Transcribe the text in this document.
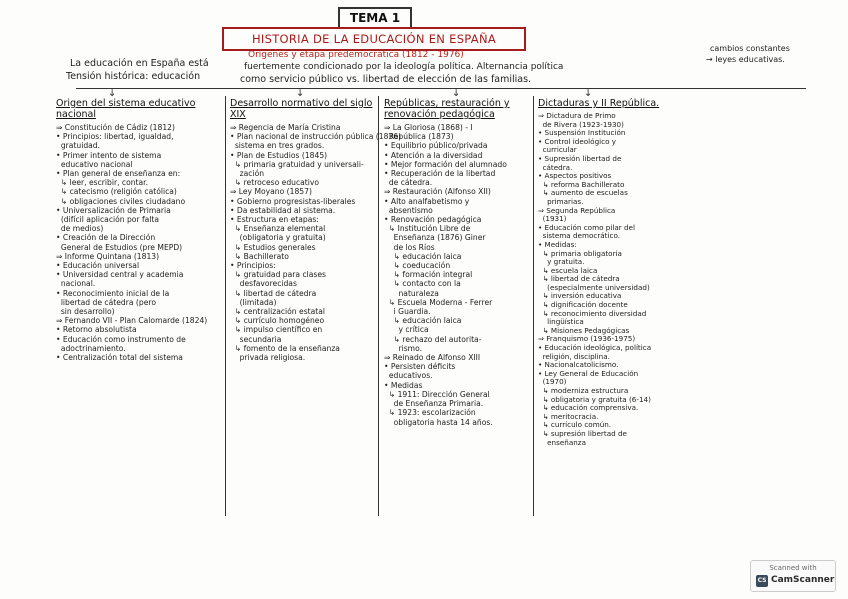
TEMA 1
HISTORIA DE LA EDUCACIÓN EN ESPAÑA
Orígenes y etapa predemocrática (1812 - 1976)
La educación en España está	fuertemente condicionado por la ideología política. Alternancia política
cambios constantes
→ leyes educativas.
Tensión histórica: educación	como servicio público vs. libertad de elección de las familias.
↓	↓	↓	↓
Origen del sistema educativo nacional
⇒ Constitución de Cádiz (1812)
• Principios: libertad, igualdad,
gratuidad.
• Primer intento de sistema
educativo nacional
• Plan general de enseñanza en:
↳ leer, escribir, contar.
↳ catecismo (religión católica)
↳ obligaciones civiles ciudadano
• Universalización de Primaria
(difícil aplicación por falta
de medios)
• Creación de la Dirección
General de Estudios (pre MEPD)
⇒ Informe Quintana (1813)
• Educación universal
• Universidad central y academia
nacional.
• Reconocimiento inicial de la
libertad de cátedra (pero
sin desarrollo)
⇒ Fernando VII - Plan Calomarde (1824)
• Retorno absolutista
• Educación como instrumento de
adoctrinamiento.
• Centralización total del sistema
Desarrollo normativo del siglo XIX
⇒ Regencia de María Cristina
• Plan nacional de instrucción pública (1836)
sistema en tres grados.
• Plan de Estudios (1845)
↳ primaria gratuidad y universali-
zación
↳ retroceso educativo
⇒ Ley Moyano (1857)
• Gobierno progresistas-liberales
• Da estabilidad al sistema.
• Estructura en etapas:
↳ Enseñanza elemental
(obligatoria y gratuita)
↳ Estudios generales
↳ Bachillerato
• Principios:
↳ gratuidad para clases
desfavorecidas
↳ libertad de cátedra
(limitada)
↳ centralización estatal
↳ currículo homogéneo
↳ impulso científico en
secundaria
↳ fomento de la enseñanza
privada religiosa.
Repúblicas, restauración y renovación pedagógica
⇒ La Gloriosa (1868) - I
República (1873)
• Equilibrio público/privada
• Atención a la diversidad
• Mejor formación del alumnado
• Recuperación de la libertad
de cátedra.
⇒ Restauración (Alfonso XII)
• Alto analfabetismo y
absentismo
• Renovación pedagógica
↳ Institución Libre de
Enseñanza (1876) Giner
de los Ríos
↳ educación laica
↳ coeducación
↳ formación integral
↳ contacto con la
naturaleza
↳ Escuela Moderna - Ferrer
i Guardia.
↳ educación laica
y crítica
↳ rechazo del autorita-
rismo.
⇒ Reinado de Alfonso XIII
• Persisten déficits
educativos.
• Medidas
↳ 1911: Dirección General
de Enseñanza Primaria.
↳ 1923: escolarización
obligatoria hasta 14 años.
Dictaduras y II República.
⇒ Dictadura de Primo
de Rivera (1923-1930)
• Suspensión Institución
• Control ideológico y
curricular
• Supresión libertad de
cátedra.
• Aspectos positivos
↳ reforma Bachillerato
↳ aumento de escuelas
primarias.
⇒ Segunda República
(1931)
• Educación como pilar del
sistema democrático.
• Medidas:
↳ primaria obligatoria
y gratuita.
↳ escuela laica
↳ libertad de cátedra
(especialmente universidad)
↳ inversión educativa
↳ dignificación docente
↳ reconocimiento diversidad
lingüística
↳ Misiones Pedagógicas
⇒ Franquismo (1936-1975)
• Educación ideológica, política
religión, disciplina.
• Nacionalcatolicismo.
• Ley General de Educación
(1970)
↳ moderniza estructura
↳ obligatoria y gratuita (6-14)
↳ educación comprensiva.
↳ meritocracia.
↳ currículo común.
↳ supresión libertad de
enseñanza
Scanned with
CS CamScanner
